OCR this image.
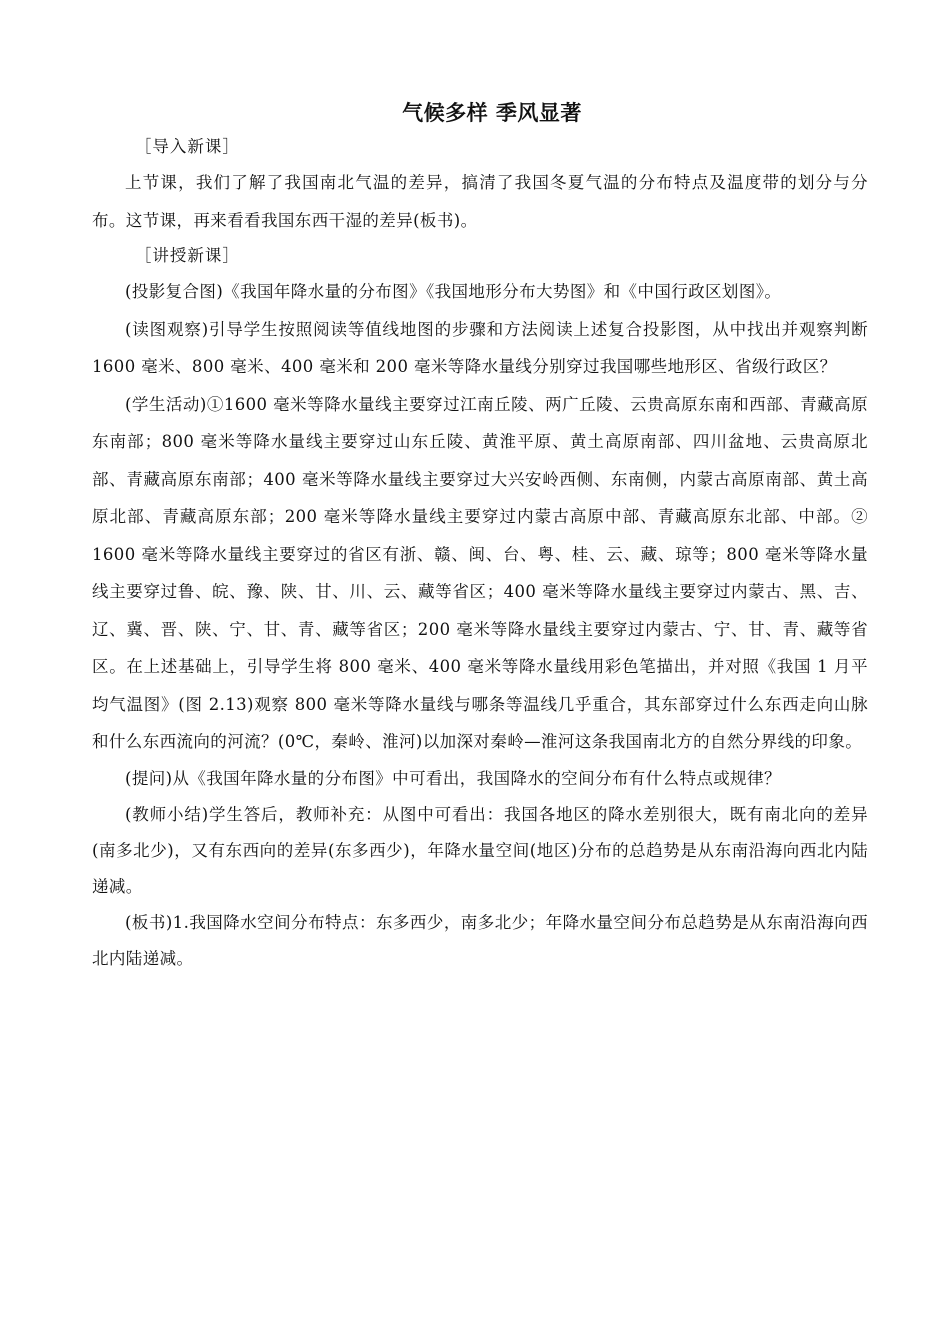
气候多样 季风显著

［导入新课］

上节课，我们了解了我国南北气温的差异，搞清了我国冬夏气温的分布特点及温度带的划分与分布。这节课，再来看看我国东西干湿的差异(板书)。

［讲授新课］

(投影复合图)《我国年降水量的分布图》《我国地形分布大势图》和《中国行政区划图》。

(读图观察)引导学生按照阅读等值线地图的步骤和方法阅读上述复合投影图，从中找出并观察判断 1600 毫米、800 毫米、400 毫米和 200 毫米等降水量线分别穿过我国哪些地形区、省级行政区？

(学生活动)①1600 毫米等降水量线主要穿过江南丘陵、两广丘陵、云贵高原东南和西部、青藏高原东南部；800 毫米等降水量线主要穿过山东丘陵、黄淮平原、黄土高原南部、四川盆地、云贵高原北部、青藏高原东南部；400 毫米等降水量线主要穿过大兴安岭西侧、东南侧，内蒙古高原南部、黄土高原北部、青藏高原东部；200 毫米等降水量线主要穿过内蒙古高原中部、青藏高原东北部、中部。② 1600 毫米等降水量线主要穿过的省区有浙、赣、闽、台、粤、桂、云、藏、琼等；800 毫米等降水量线主要穿过鲁、皖、豫、陕、甘、川、云、藏等省区；400 毫米等降水量线主要穿过内蒙古、黑、吉、辽、冀、晋、陕、宁、甘、青、藏等省区；200 毫米等降水量线主要穿过内蒙古、宁、甘、青、藏等省区。在上述基础上，引导学生将 800 毫米、400 毫米等降水量线用彩色笔描出，并对照《我国 1 月平均气温图》(图 2.13)观察 800 毫米等降水量线与哪条等温线几乎重合，其东部穿过什么东西走向山脉和什么东西流向的河流？(0℃，秦岭、淮河)以加深对秦岭—淮河这条我国南北方的自然分界线的印象。

(提问)从《我国年降水量的分布图》中可看出，我国降水的空间分布有什么特点或规律？

(教师小结)学生答后，教师补充：从图中可看出：我国各地区的降水差别很大，既有南北向的差异(南多北少)，又有东西向的差异(东多西少)，年降水量空间(地区)分布的总趋势是从东南沿海向西北内陆递减。

(板书)1.我国降水空间分布特点：东多西少，南多北少；年降水量空间分布总趋势是从东南沿海向西北内陆递减。
